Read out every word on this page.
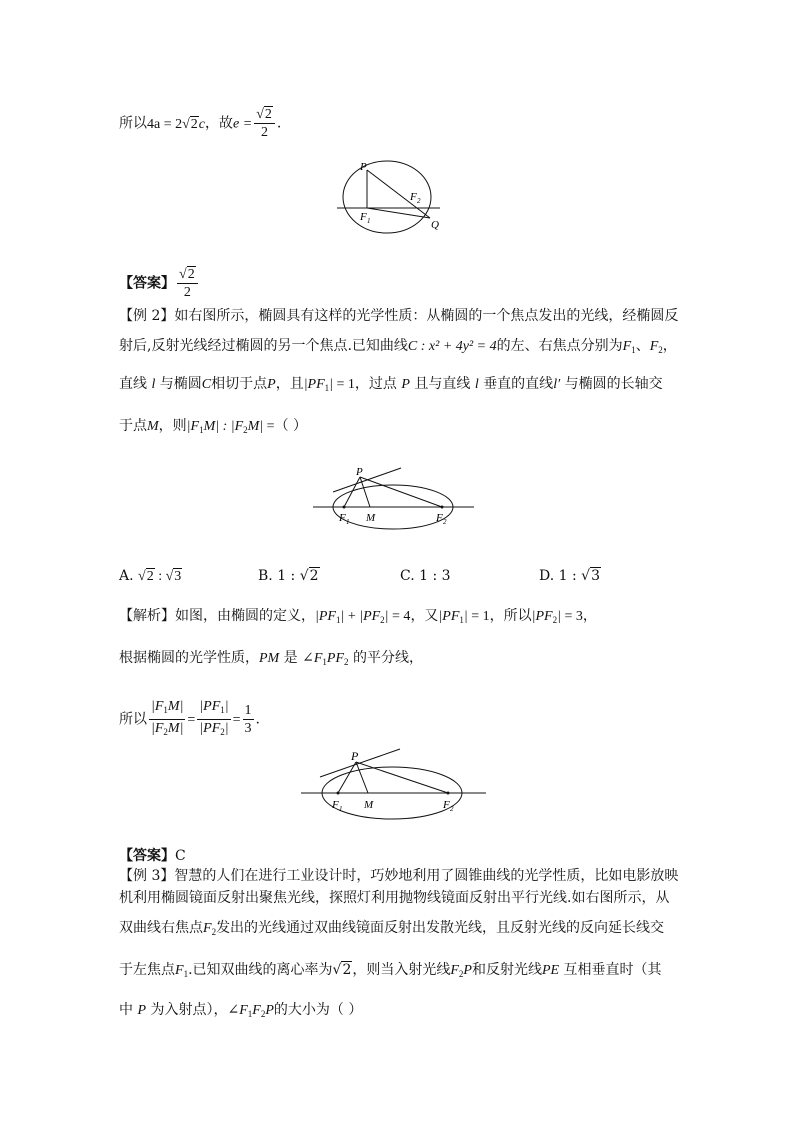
所以4a = 2√2c，故$e = \frac{√2}{2}$ .
P
F 2
F 1	Q
【答案】 $\frac{√2}{2}$
【例 2】如右图所示，椭圆具有这样的光学性质：从椭圆的一个焦点发出的光线，经椭圆反
射后,反射光线经过椭圆的另一个焦点.已知曲线C : x² + 4y² = 4的左、右焦点分别为$F_1$、$F_2$，
直线 l 与椭圆C相切于点P，且$|PF_1| = 1$，过点 P 且与直线 l 垂直的直线l′ 与椭圆的长轴交
于点M，则$|F_1M|$ : $|F_2M|$ =（ ）
P
F 1 M	F 2
A. √2 : √3	B. 1 : √2	C. 1 : 3	D. 1 : √3
【解析】如图，由椭圆的定义，$|PF_1| + |PF_2| = 4$，又$|PF_1| = 1$，所以$|PF_2| = 3$，
根据椭圆的光学性质，PM 是 $\angle F_1PF_2$ 的平分线，
所以 $\frac{|F_1M|}{|F_2M|} = \frac{|PF_1|}{|PF_2|} = \frac{1}{3}$ .
P
F 1 M	F 2
【答案】C
【例 3】智慧的人们在进行工业设计时，巧妙地利用了圆锥曲线的光学性质，比如电影放映
机利用椭圆镜面反射出聚焦光线，探照灯利用抛物线镜面反射出平行光线.如右图所示，从
双曲线右焦点$F_2$发出的光线通过双曲线镜面反射出发散光线，且反射光线的反向延长线交
于左焦点$F_1$.已知双曲线的离心率为√2，则当入射光线$F_2P$和反射光线PE 互相垂直时（其
中 P 为入射点），$\angle F_1F_2P$的大小为（ ）
